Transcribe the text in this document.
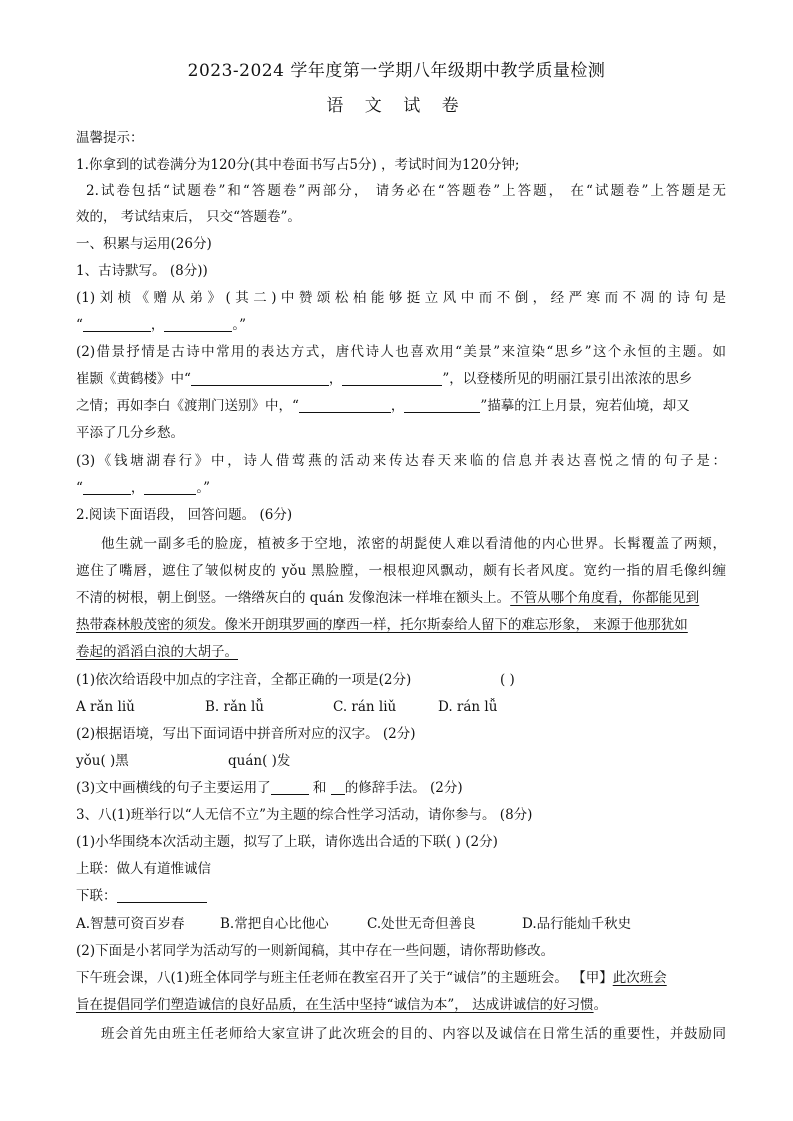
2023-2024 学年度第一学期八年级期中教学质量检测
语 文 试 卷
温馨提示：
1.你拿到的试卷满分为120分(其中卷面书写占5分) ，考试时间为120分钟;
2.试卷包括“试题卷”和“答题卷”两部分， 请务必在“答题卷”上答题， 在“试题卷”上答题是无
效的， 考试结束后， 只交“答题卷”。
一、积累与运用(26分)
1、古诗默写。 (8分))
(1)刘桢《赠从弟》(其二)中赞颂松柏能够挺立风中而不倒，经严寒而不凋的诗句是
“	，	。”
(2)借景抒情是古诗中常用的表达方式，唐代诗人也喜欢用“美景”来渲染“思乡”这个永恒的主题。如
崔颢《黄鹤楼》中“	，	”，以登楼所见的明丽江景引出浓浓的思乡
之情；再如李白《渡荆门送别》中，“	，	”描摹的江上月景，宛若仙境，却又
平添了几分乡愁。
(3)《钱塘湖春行》中，诗人借莺燕的活动来传达春天来临的信息并表达喜悦之情的句子是：
“	，	。”
2.阅读下面语段， 回答问题。 (6分)
他生就一副多毛的脸庞，植被多于空地，浓密的胡髭使人难以看清他的内心世界。长髯覆盖了两颊，
遮住了嘴唇，遮住了皱似树皮的 yǒu 黑脸膛，一根根迎风飘动，颇有长者风度。宽约一指的眉毛像纠缠
不清的树根，朝上倒竖。一绺绺灰白的 quán 发像泡沫一样堆在额头上。不管从哪个角度看，你都能见到
热带森林般茂密的须发。像米开朗琪罗画的摩西一样，托尔斯泰给人留下的难忘形象， 来源于他那犹如
卷起的滔滔白浪的大胡子。
(1)依次给语段中加点的字注音，全都正确的一项是(2分)	( )
A rǎn liǔ	B. rǎn lǚ	C. rán liǔ	D. rán lǚ
(2)根据语境，写出下面词语中拼音所对应的汉字。 (2分)
yǒu( )黑	quán( )发
(3)文中画横线的句子主要运用了	和 的修辞手法。 (2分)
3、八(1)班举行以“人无信不立”为主题的综合性学习活动，请你参与。 (8分)
(1)小华围绕本次活动主题，拟写了上联，请你选出合适的下联( ) (2分)
上联：做人有道惟诚信
下联：
A.智慧可资百岁春	B.常把自心比他心	C.处世无奇但善良	D.品行能灿千秋史
(2)下面是小茗同学为活动写的一则新闻稿，其中存在一些问题，请你帮助修改。
下午班会课，八(1)班全体同学与班主任老师在教室召开了关于“诚信”的主题班会。 【甲】此次班会
旨在提倡同学们塑造诚信的良好品质，在生活中坚持“诚信为本”， 达成讲诚信的好习惯。
班会首先由班主任老师给大家宣讲了此次班会的目的、内容以及诚信在日常生活的重要性，并鼓励同
